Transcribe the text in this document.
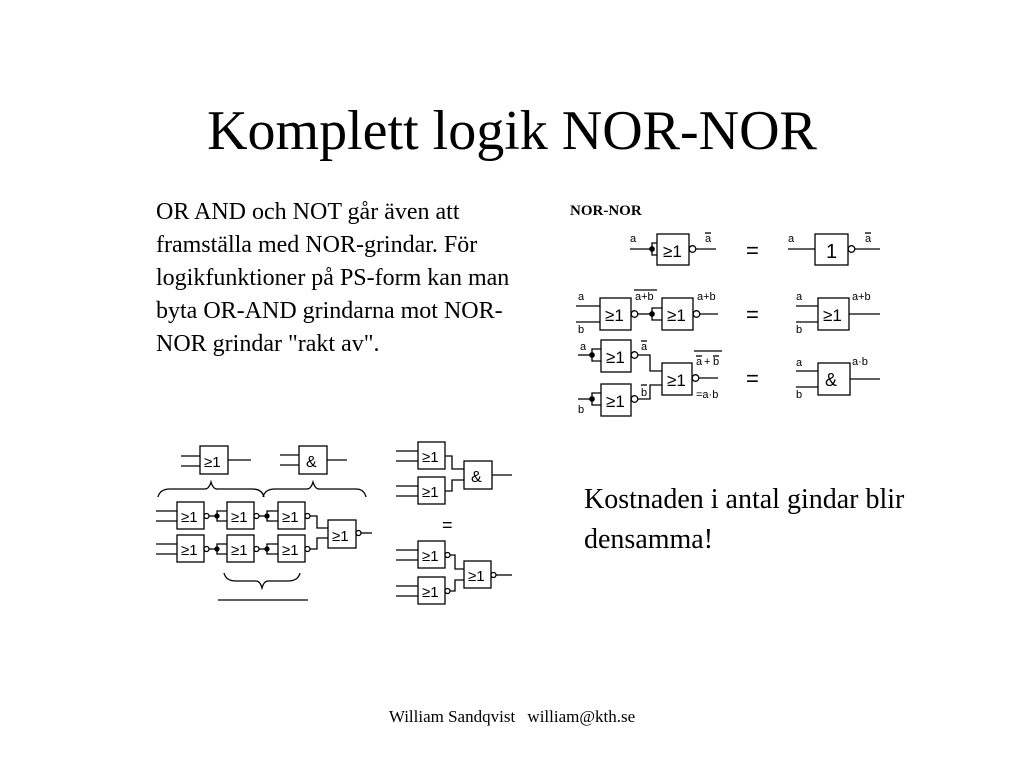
Komplett logik NOR-NOR
OR AND och NOT går även att framställa med NOR-grindar. För logikfunktioner på PS-form kan man byta OR-AND grindarna mot NOR-NOR grindar "rakt av".
Kostnaden i antal gindar blir densamma!
William Sandqvist william@kth.se
NOR-NOR
≥1
a	a =	1
a	a
a
b
≥1
a+b
≥1
a+b
=
a
b
≥1
a+b
a
≥1
a
b ≥1 b
≥1
a + b
=a·b
=
a
b
&
a·b
≥1	&
≥1 ≥1 ≥1
≥1 ≥1 ≥1
≥1
≥1
≥1
&
=
≥1
≥1
≥1
